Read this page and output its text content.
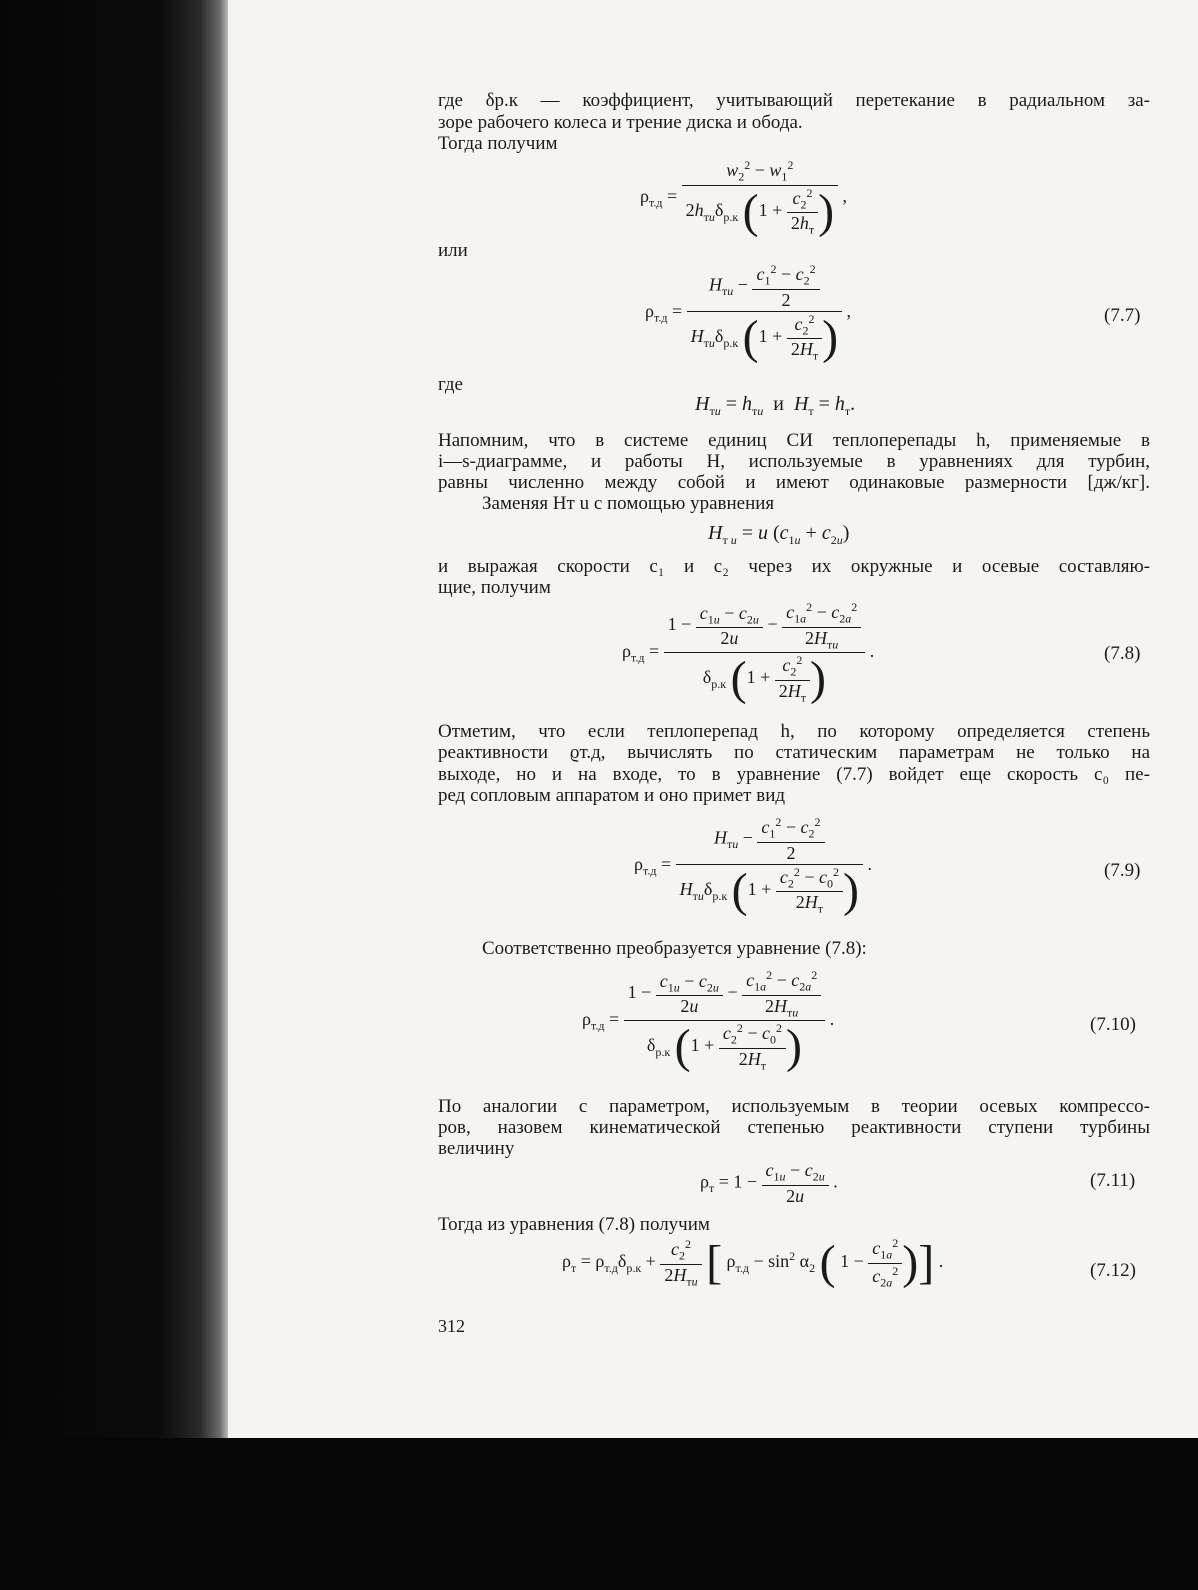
где δр.к — коэффициент, учитывающий перетекание в радиальном за-
зоре рабочего колеса и трение диска и обода.
Тогда получим
$\rho_{т.д} = \frac{w_2^2 - w_1^2}{2h_{тu}\delta_{р.к} (1 + \frac{c_2^2}{2h_т} )}$ ,
или
$\rho_{т.д} = \frac{H_{тu} - \frac{c_1^2 - c_2^2}{2}}{H_{тu}\delta_{р.к} (1 + \frac{c_2^2}{2H_т} )}$ ,	(7.7)
где
$H_{тu} = h_{тu}$  и  $H_т = h_т$.
Напомним, что в системе единиц СИ теплоперепады h, применяемые в
i—s-диаграмме, и работы H, используемые в уравнениях для турбин,
равны численно между собой и имеют одинаковые размерности [дж/кг].
Заменяя Hт u с помощью уравнения
$H_{т u} = u$ $(c_{1u} + c_{2u})$
и выражая скорости c₁ и c₂ через их окружные и осевые составляю-
щие, получим
$\rho_{т.д} = \frac{1 - \frac{c_{1u} - c_{2u}}{2u} - \frac{c_{1a}^2 - c_{2a}^2}{2H_{тu}}}{\delta_{р.к} (1 + \frac{c_2^2}{2H_т} )}$ .	(7.8)
Отметим, что если теплоперепад h, по которому определяется степень
реактивности ϱт.д, вычислять по статическим параметрам не только на
выходе, но и на входе, то в уравнение (7.7) войдет еще скорость c₀ пе-
ред сопловым аппаратом и оно примет вид
$\rho_{т.д} = \frac{H_{тu} - \frac{c_1^2 - c_2^2}{2}}{H_{тu}\delta_{р.к} (1 + \frac{c_2^2 - c_0^2}{2H_т} )}$ .	(7.9)
Соответственно преобразуется уравнение (7.8):
$\rho_{т.д} = \frac{1 - \frac{c_{1u} - c_{2u}}{2u} - \frac{c_{1a}^2 - c_{2a}^2}{2H_{тu}}}{\delta_{р.к} (1 + \frac{c_2^2 - c_0^2}{2H_т} )}$ .	(7.10)
По аналогии с параметром, используемым в теории осевых компрессо-
ров, назовем кинематической степенью реактивности ступени турбины
величину
$\rho_т = 1 - \frac{c_{1u} - c_{2u}}{2u}$ .	(7.11)
Тогда из уравнения (7.8) получим
$\rho_т = \rho_{т.д}\delta_{р.к} + \frac{c_2^2}{2H_{тu}}$ [ $\rho_{т.д} - \sin^2 \alpha_2$ ( $1 - \frac{c_{1a}^2}{c_{2a}^2}$ )] .	(7.12)
312
